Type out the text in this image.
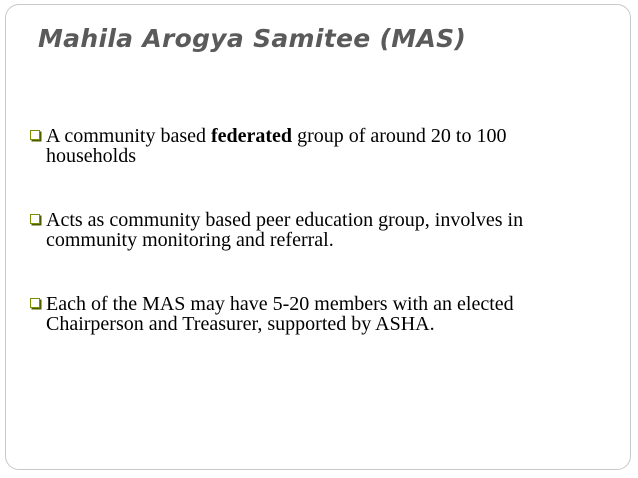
Mahila Arogya Samitee (MAS)
A community based federated group of around 20 to 100 households
Acts as community based peer education group, involves in community monitoring and referral.
Each of the MAS may have 5-20 members with an elected Chairperson and Treasurer, supported by ASHA.
